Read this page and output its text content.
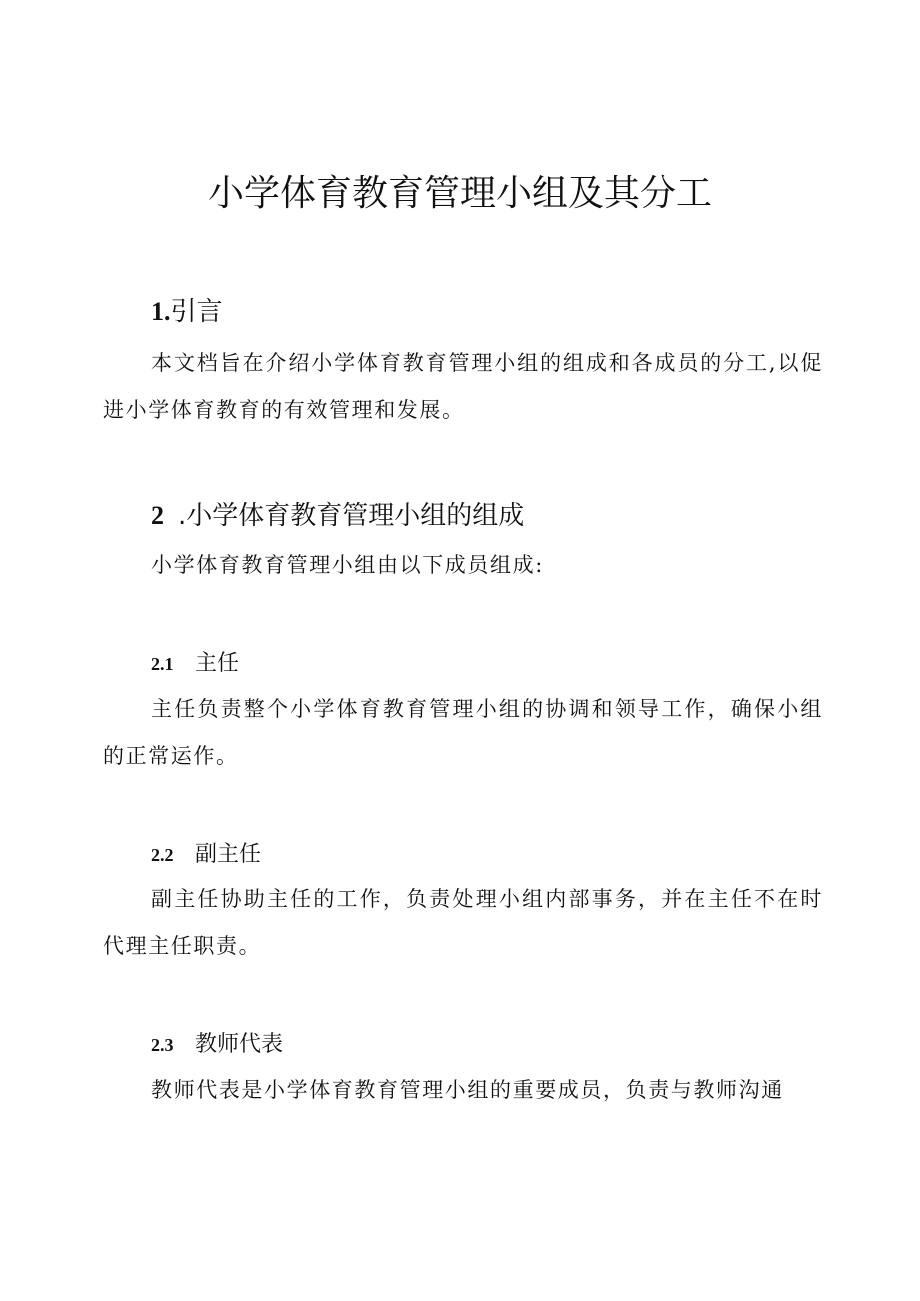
小学体育教育管理小组及其分工
1.引言

本文档旨在介绍小学体育教育管理小组的组成和各成员的分工,以促进小学体育教育的有效管理和发展。

2 .小学体育教育管理小组的组成

小学体育教育管理小组由以下成员组成:

2.1 主任

主任负责整个小学体育教育管理小组的协调和领导工作，确保小组的正常运作。

2.2 副主任

副主任协助主任的工作，负责处理小组内部事务，并在主任不在时代理主任职责。

2.3 教师代表

教师代表是小学体育教育管理小组的重要成员，负责与教师沟通
